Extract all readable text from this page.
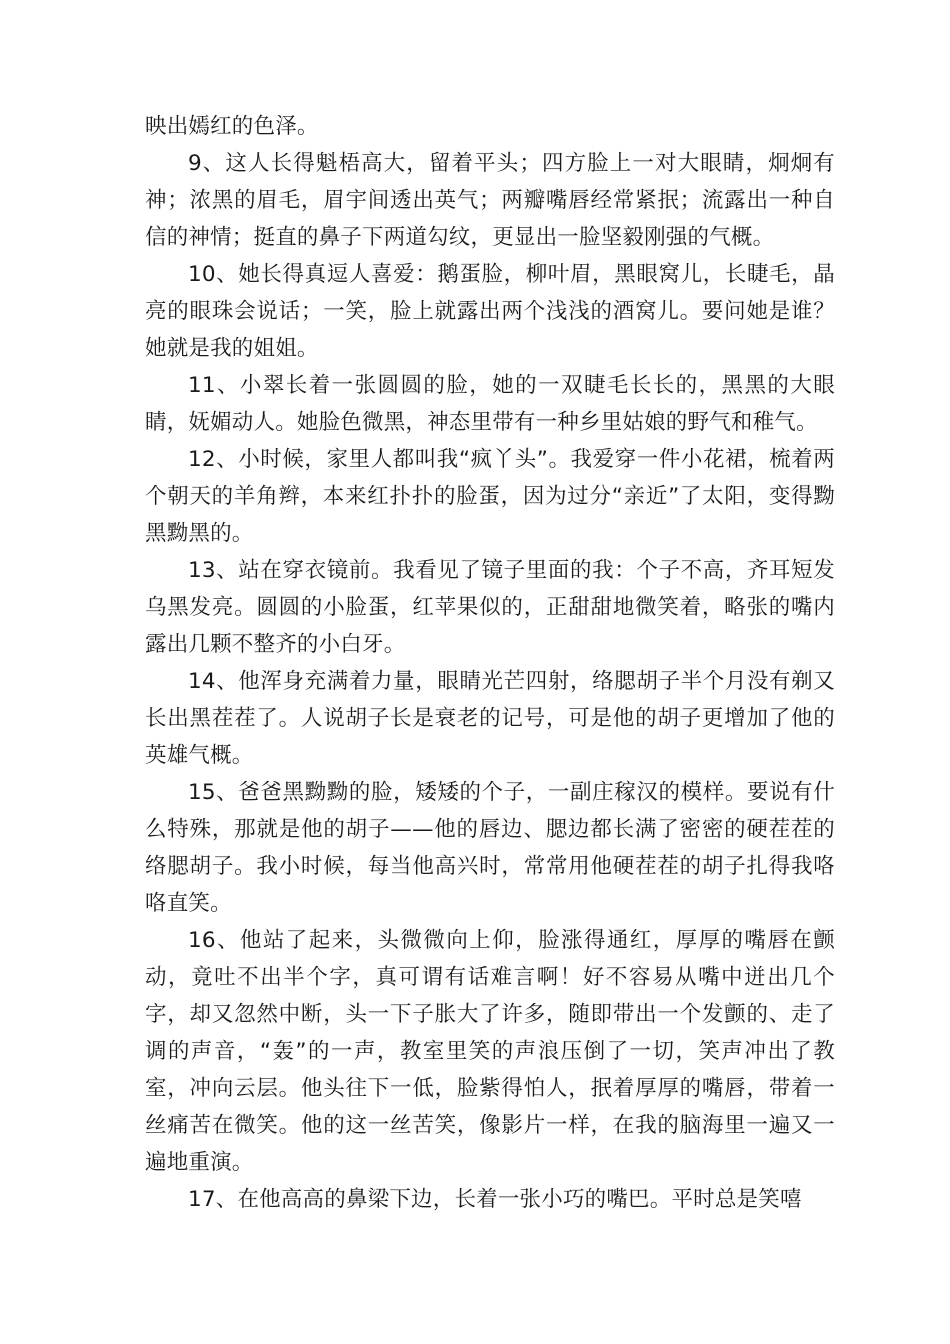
映出嫣红的色泽。

9、这人长得魁梧高大，留着平头；四方脸上一对大眼睛，炯炯有神；浓黑的眉毛，眉宇间透出英气；两瓣嘴唇经常紧抿；流露出一种自信的神情；挺直的鼻子下两道勾纹，更显出一脸坚毅刚强的气概。

10、她长得真逗人喜爱：鹅蛋脸，柳叶眉，黑眼窝儿，长睫毛，晶亮的眼珠会说话；一笑，脸上就露出两个浅浅的酒窝儿。要问她是谁？她就是我的姐姐。

11、小翠长着一张圆圆的脸，她的一双睫毛长长的，黑黑的大眼睛，妩媚动人。她脸色微黑，神态里带有一种乡里姑娘的野气和稚气。

12、小时候，家里人都叫我“疯丫头”。我爱穿一件小花裙，梳着两个朝天的羊角辫，本来红扑扑的脸蛋，因为过分“亲近”了太阳，变得黝黑黝黑的。

13、站在穿衣镜前。我看见了镜子里面的我：个子不高，齐耳短发乌黑发亮。圆圆的小脸蛋，红苹果似的，正甜甜地微笑着，略张的嘴内露出几颗不整齐的小白牙。

14、他浑身充满着力量，眼睛光芒四射，络腮胡子半个月没有剃又长出黑茬茬了。人说胡子长是衰老的记号，可是他的胡子更增加了他的英雄气概。

15、爸爸黑黝黝的脸，矮矮的个子，一副庄稼汉的模样。要说有什么特殊，那就是他的胡子——他的唇边、腮边都长满了密密的硬茬茬的络腮胡子。我小时候，每当他高兴时，常常用他硬茬茬的胡子扎得我咯咯直笑。

16、他站了起来，头微微向上仰，脸涨得通红，厚厚的嘴唇在颤动，竟吐不出半个字，真可谓有话难言啊！好不容易从嘴中迸出几个字，却又忽然中断，头一下子胀大了许多，随即带出一个发颤的、走了调的声音，“轰”的一声，教室里笑的声浪压倒了一切，笑声冲出了教室，冲向云层。他头往下一低，脸紫得怕人，抿着厚厚的嘴唇，带着一丝痛苦在微笑。他的这一丝苦笑，像影片一样，在我的脑海里一遍又一遍地重演。

17、在他高高的鼻梁下边，长着一张小巧的嘴巴。平时总是笑嘻
